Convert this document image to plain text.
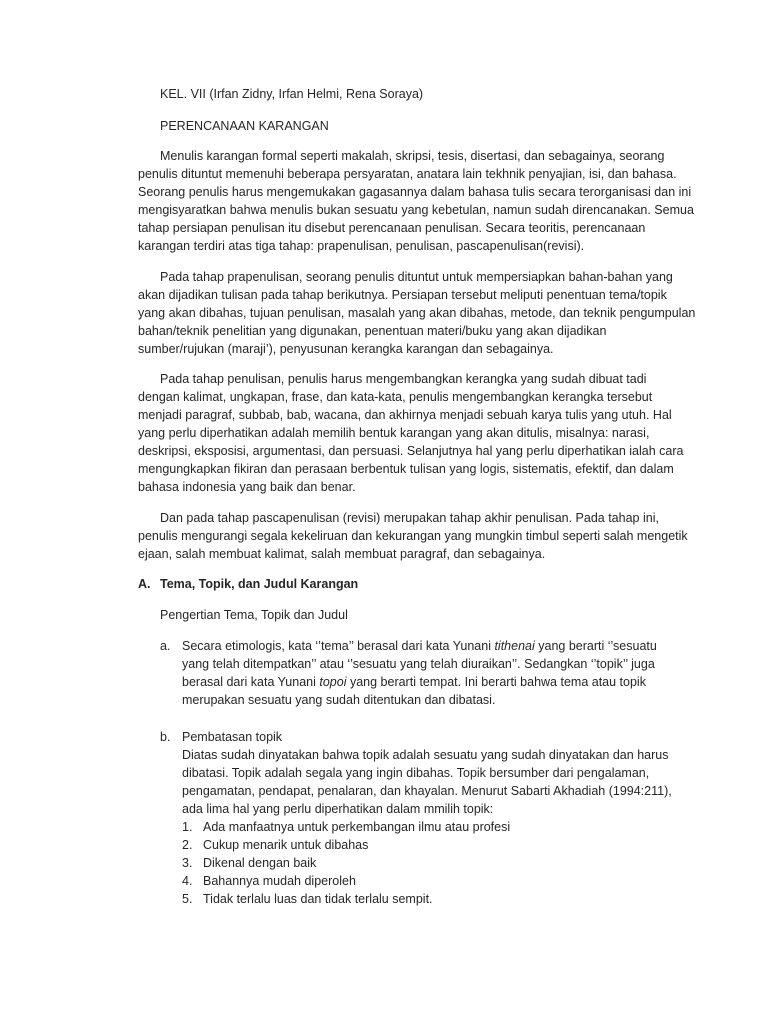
KEL. VII (Irfan Zidny, Irfan Helmi, Rena Soraya)
PERENCANAAN KARANGAN
Menulis karangan formal seperti makalah, skripsi, tesis, disertasi, dan sebagainya, seorang
penulis dituntut memenuhi beberapa persyaratan, anatara lain tekhnik penyajian, isi, dan bahasa.
Seorang penulis harus mengemukakan gagasannya dalam bahasa tulis secara terorganisasi dan ini
mengisyaratkan bahwa menulis bukan sesuatu yang kebetulan, namun sudah direncanakan. Semua
tahap persiapan penulisan itu disebut perencanaan penulisan. Secara teoritis, perencanaan
karangan terdiri atas tiga tahap: prapenulisan, penulisan, pascapenulisan(revisi).
Pada tahap prapenulisan, seorang penulis dituntut untuk mempersiapkan bahan-bahan yang
akan dijadikan tulisan pada tahap berikutnya. Persiapan tersebut meliputi penentuan tema/topik
yang akan dibahas, tujuan penulisan, masalah yang akan dibahas, metode, dan teknik pengumpulan
bahan/teknik penelitian yang digunakan, penentuan materi/buku yang akan dijadikan
sumber/rujukan (maraji’), penyusunan kerangka karangan dan sebagainya.
Pada tahap penulisan, penulis harus mengembangkan kerangka yang sudah dibuat tadi
dengan kalimat, ungkapan, frase, dan kata-kata, penulis mengembangkan kerangka tersebut
menjadi paragraf, subbab, bab, wacana, dan akhirnya menjadi sebuah karya tulis yang utuh. Hal
yang perlu diperhatikan adalah memilih bentuk karangan yang akan ditulis, misalnya: narasi,
deskripsi, eksposisi, argumentasi, dan persuasi. Selanjutnya hal yang perlu diperhatikan ialah cara
mengungkapkan fikiran dan perasaan berbentuk tulisan yang logis, sistematis, efektif, dan dalam
bahasa indonesia yang baik dan benar.
Dan pada tahap pascapenulisan (revisi) merupakan tahap akhir penulisan. Pada tahap ini,
penulis mengurangi segala kekeliruan dan kekurangan yang mungkin timbul seperti salah mengetik
ejaan, salah membuat kalimat, salah membuat paragraf, dan sebagainya.
A. Tema, Topik, dan Judul Karangan
Pengertian Tema, Topik dan Judul
a. Secara etimologis, kata ‘’tema’’ berasal dari kata Yunani tithenai yang berarti ‘’sesuatu
yang telah ditempatkan’’ atau ‘’sesuatu yang telah diuraikan’’. Sedangkan ‘’topik’’ juga
berasal dari kata Yunani topoi yang berarti tempat. Ini berarti bahwa tema atau topik
merupakan sesuatu yang sudah ditentukan dan dibatasi.
b. Pembatasan topik
Diatas sudah dinyatakan bahwa topik adalah sesuatu yang sudah dinyatakan dan harus
dibatasi. Topik adalah segala yang ingin dibahas. Topik bersumber dari pengalaman,
pengamatan, pendapat, penalaran, dan khayalan. Menurut Sabarti Akhadiah (1994:211),
ada lima hal yang perlu diperhatikan dalam mmilih topik:
1. Ada manfaatnya untuk perkembangan ilmu atau profesi
2. Cukup menarik untuk dibahas
3. Dikenal dengan baik
4. Bahannya mudah diperoleh
5. Tidak terlalu luas dan tidak terlalu sempit.
